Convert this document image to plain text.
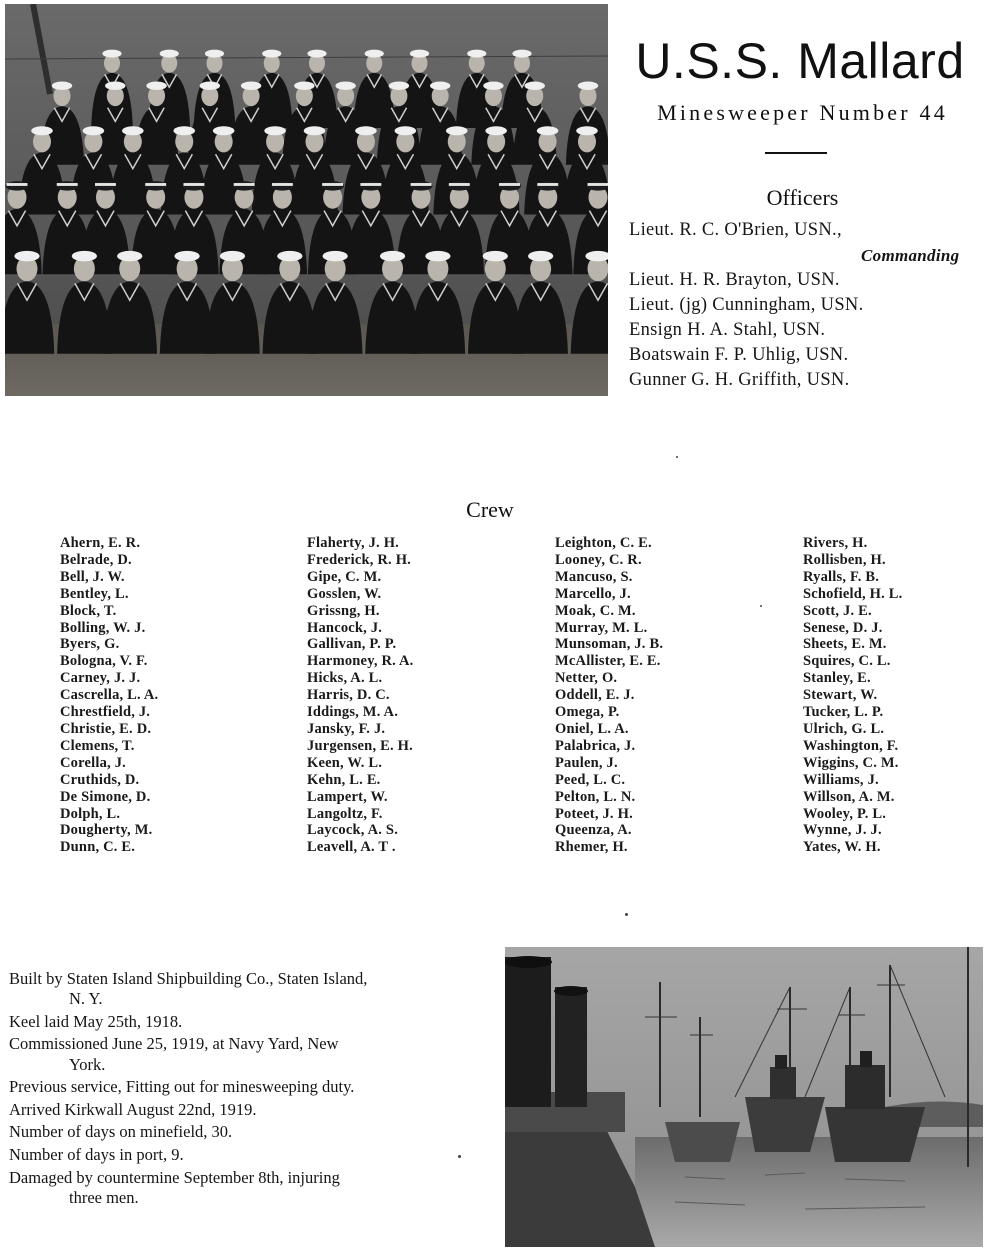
U.S.S. Mallard
Minesweeper Number 44
Officers
Lieut. R. C. O'Brien, USN.,
Commanding
Lieut. H. R. Brayton, USN.
Lieut. (jg) Cunningham, USN.
Ensign H. A. Stahl, USN.
Boatswain F. P. Uhlig, USN.
Gunner G. H. Griffith, USN.
Crew
Ahern, E. R.
Belrade, D.
Bell, J. W.
Bentley, L.
Block, T.
Bolling, W. J.
Byers, G.
Bologna, V. F.
Carney, J. J.
Cascrella, L. A.
Chrestfield, J.
Christie, E. D.
Clemens, T.
Corella, J.
Cruthids, D.
De Simone, D.
Dolph, L.
Dougherty, M.
Dunn, C. E.
Flaherty, J. H.
Frederick, R. H.
Gipe, C. M.
Gosslen, W.
Grissng, H.
Hancock, J.
Gallivan, P. P.
Harmoney, R. A.
Hicks, A. L.
Harris, D. C.
Iddings, M. A.
Jansky, F. J.
Jurgensen, E. H.
Keen, W. L.
Kehn, L. E.
Lampert, W.
Langoltz, F.
Laycock, A. S.
Leavell, A. T .
Leighton, C. E.
Looney, C. R.
Mancuso, S.
Marcello, J.
Moak, C. M.
Murray, M. L.
Munsoman, J. B.
McAllister, E. E.
Netter, O.
Oddell, E. J.
Omega, P.
Oniel, L. A.
Palabrica, J.
Paulen, J.
Peed, L. C.
Pelton, L. N.
Poteet, J. H.
Queenza, A.
Rhemer, H.
Rivers, H.
Rollisben, H.
Ryalls, F. B.
Schofield, H. L.
Scott, J. E.
Senese, D. J.
Sheets, E. M.
Squires, C. L.
Stanley, E.
Stewart, W.
Tucker, L. P.
Ulrich, G. L.
Washington, F.
Wiggins, C. M.
Williams, J.
Willson, A. M.
Wooley, P. L.
Wynne, J. J.
Yates, W. H.
Built by Staten Island Shipbuilding Co., Staten Island, N. Y.
Keel laid May 25th, 1918.
Commissioned June 25, 1919, at Navy Yard, New York.
Previous service, Fitting out for minesweeping duty.
Arrived Kirkwall August 22nd, 1919.
Number of days on minefield, 30.
Number of days in port, 9.
Damaged by countermine September 8th, injuring three men.
